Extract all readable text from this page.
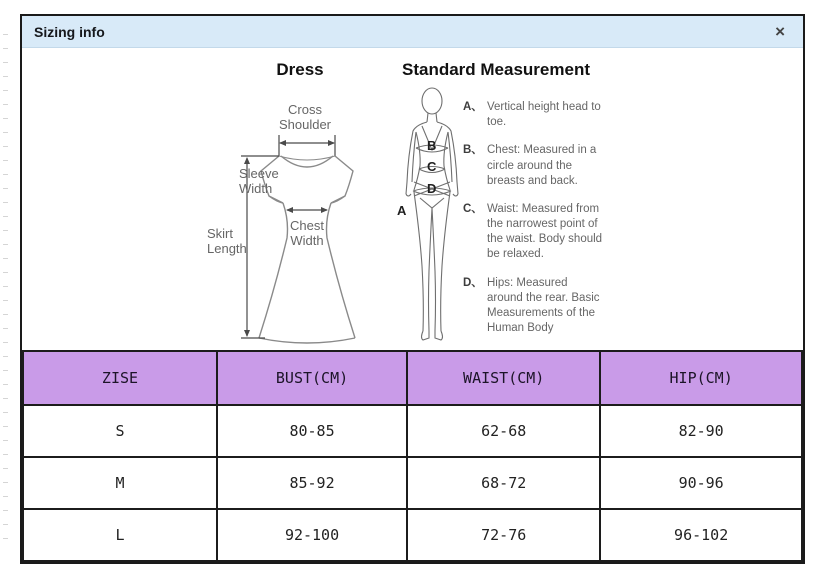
Sizing info	×
Dress	Standard Measurement
Cross
Shoulder
Chest
Width
Sleeve
Width
Skirt
Length
A
B
C
D
A、 Vertical height head to toe.
B、 Chest: Measured in a circle around the breasts and back.
C、 Waist: Measured from the narrowest point of the waist. Body should be relaxed.
D、 Hips: Measured around the rear. Basic Measurements of the Human Body
ZISE	BUST(CM)	WAIST(CM)	HIP(CM)
S	80-85	62-68	82-90
M	85-92	68-72	90-96
L	92-100	72-76	96-102
